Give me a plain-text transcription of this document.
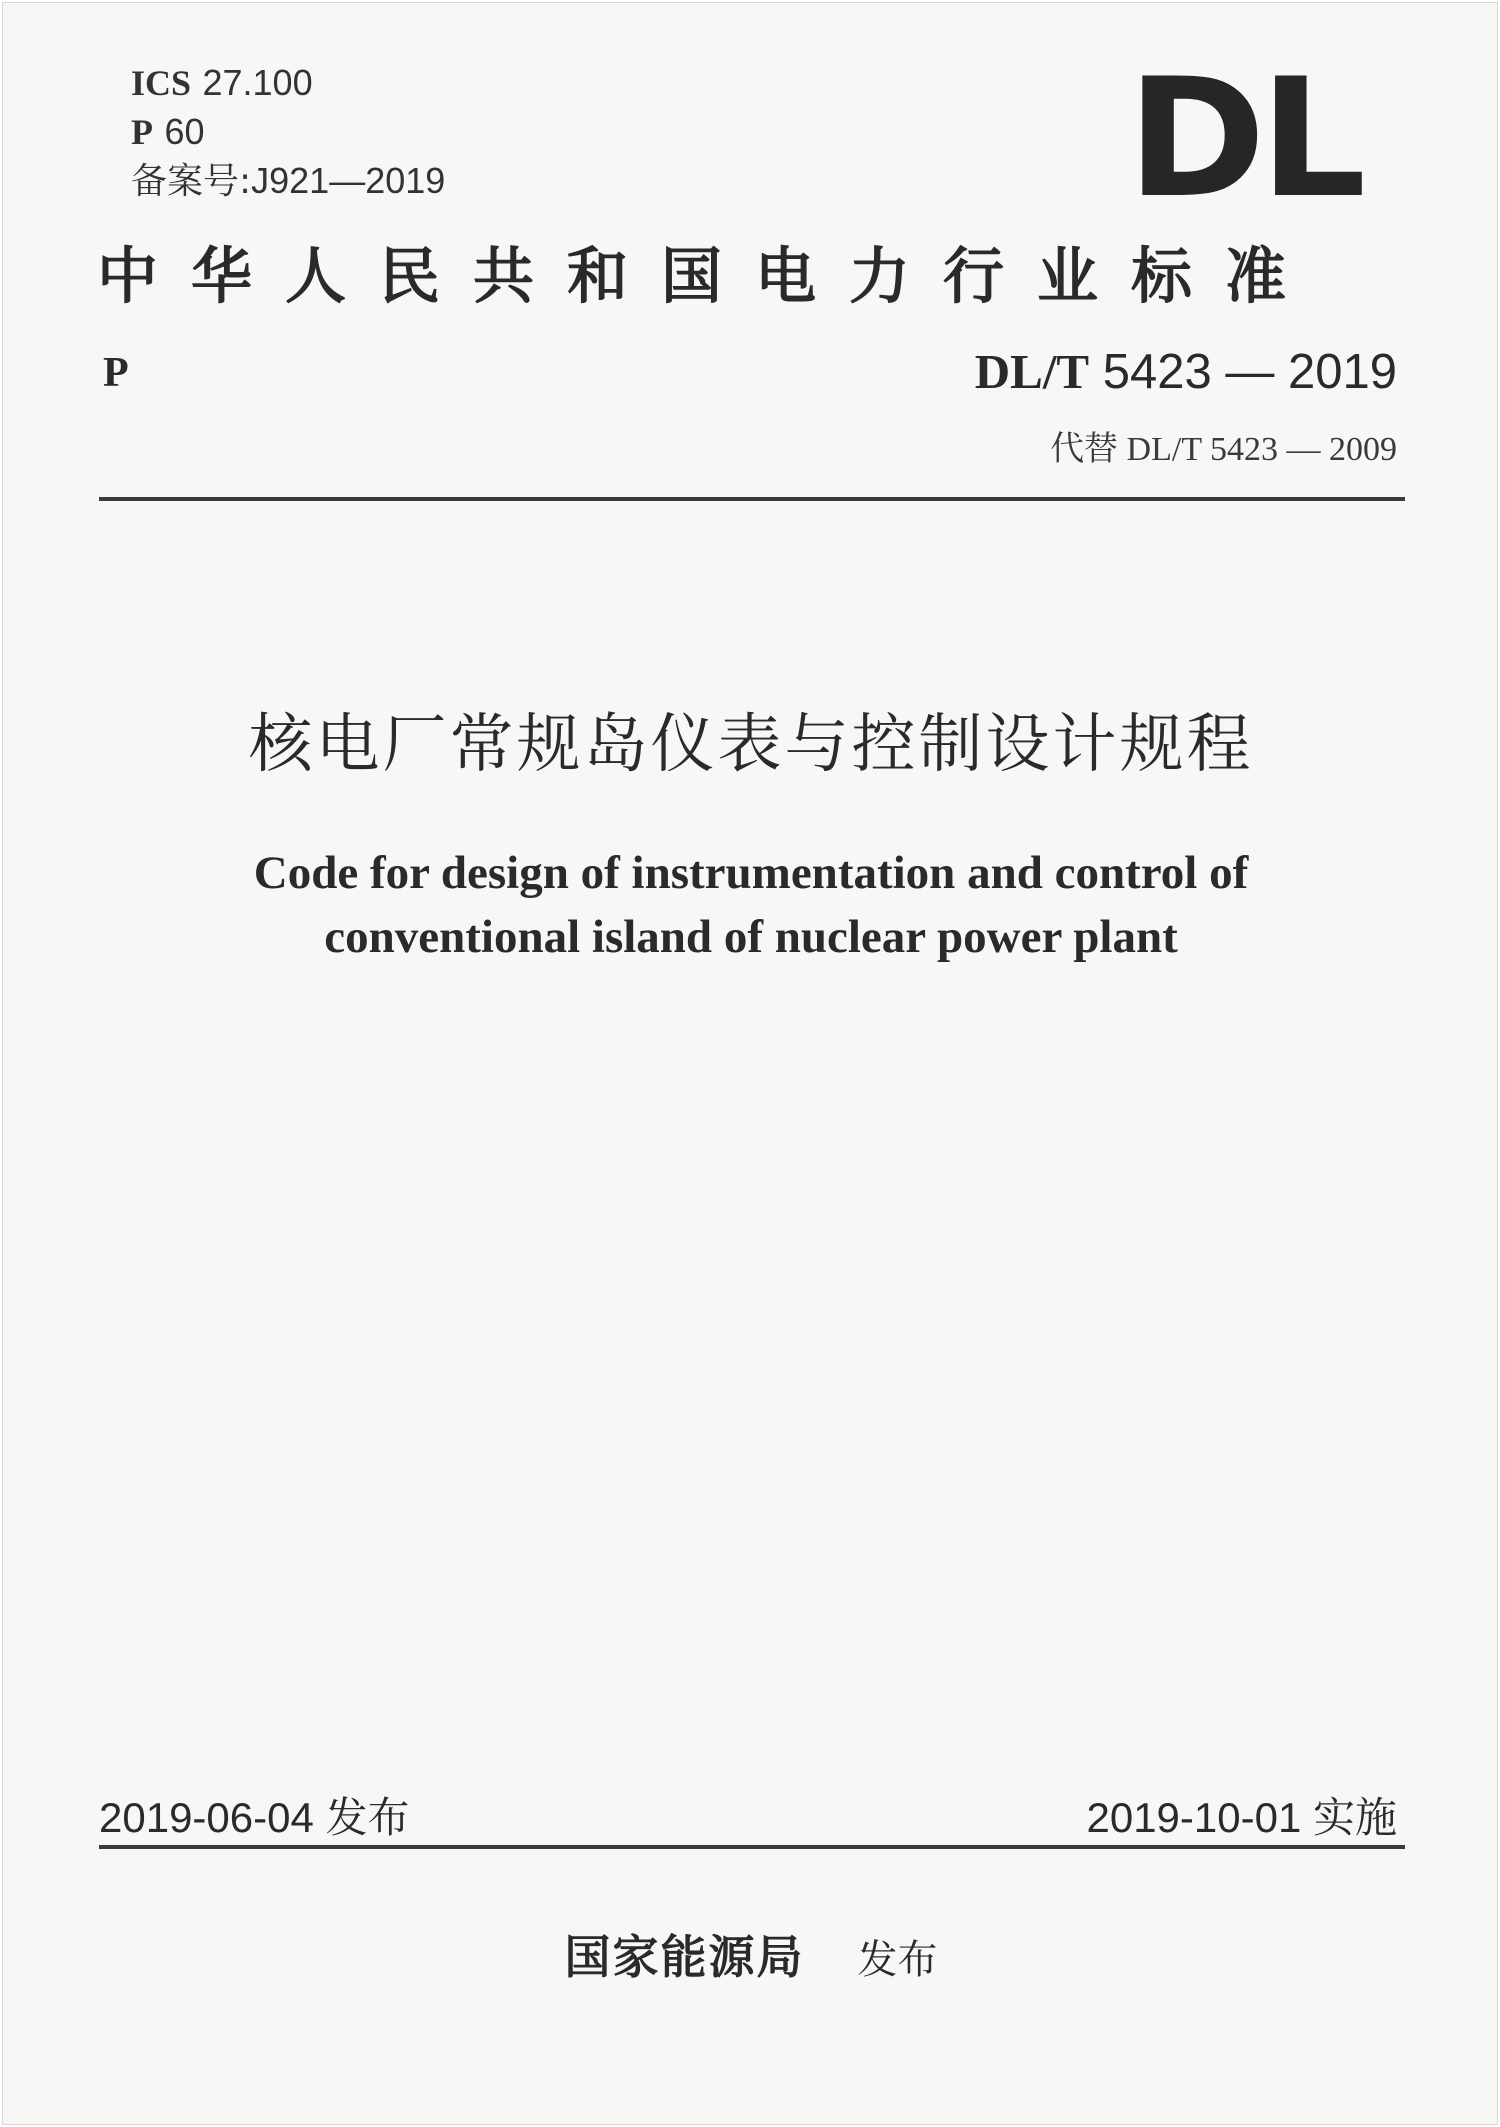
ICS 27.100
P 60
备案号:J921—2019	DL
中华人民共和国电力行业标准
P	DL/T 5423 — 2019
代替 DL/T 5423 — 2009
核电厂常规岛仪表与控制设计规程
Code for design of instrumentation and control of
conventional island of nuclear power plant
2019-06-04 发布	2019-10-01 实施
国家能源局 发布
